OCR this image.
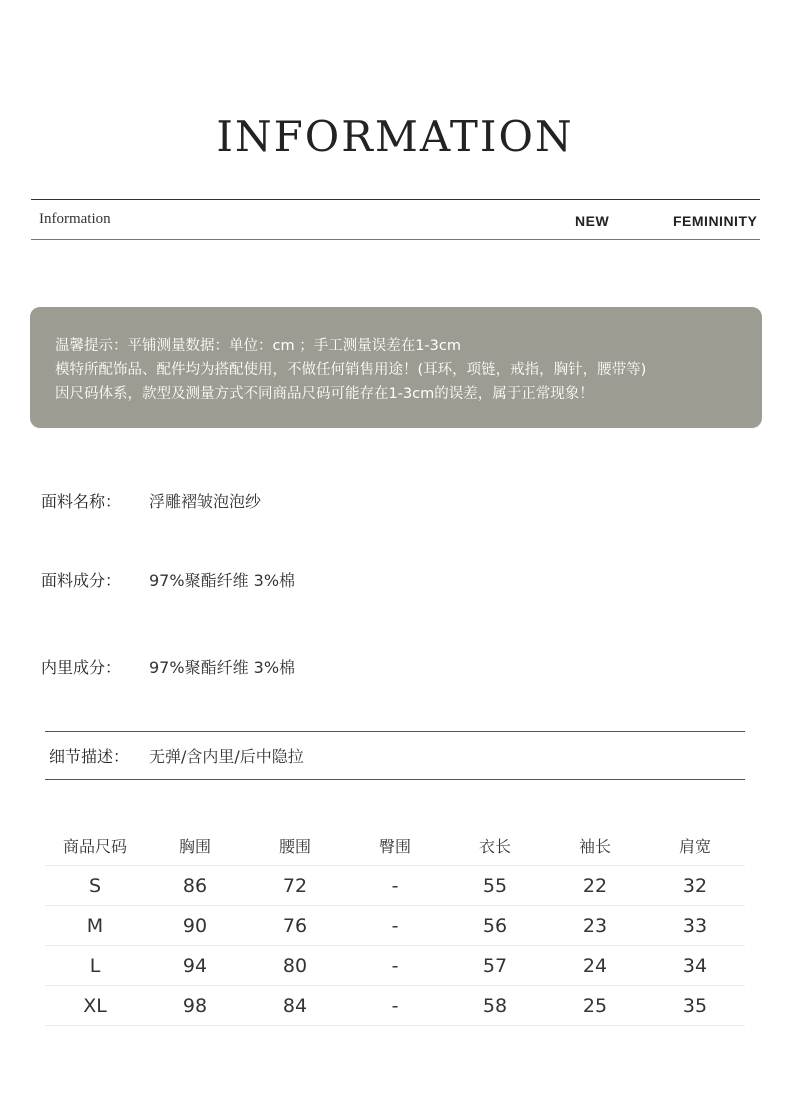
INFORMATION
Information	NEW	FEMININITY
温馨提示：平铺测量数据：单位：cm ；手工测量误差在1-3cm
模特所配饰品、配件均为搭配使用，不做任何销售用途！(耳环，项链，戒指，胸针，腰带等)
因尺码体系，款型及测量方式不同商品尺码可能存在1-3cm的误差，属于正常现象！
面料名称： 浮雕褶皱泡泡纱
面料成分： 97%聚酯纤维 3%棉
内里成分： 97%聚酯纤维 3%棉
细节描述： 无弹/含内里/后中隐拉
商品尺码	胸围	腰围	臀围	衣长	袖长	肩宽
S	86	72	-	55	22	32
M	90	76	-	56	23	33
L	94	80	-	57	24	34
XL	98	84	-	58	25	35
